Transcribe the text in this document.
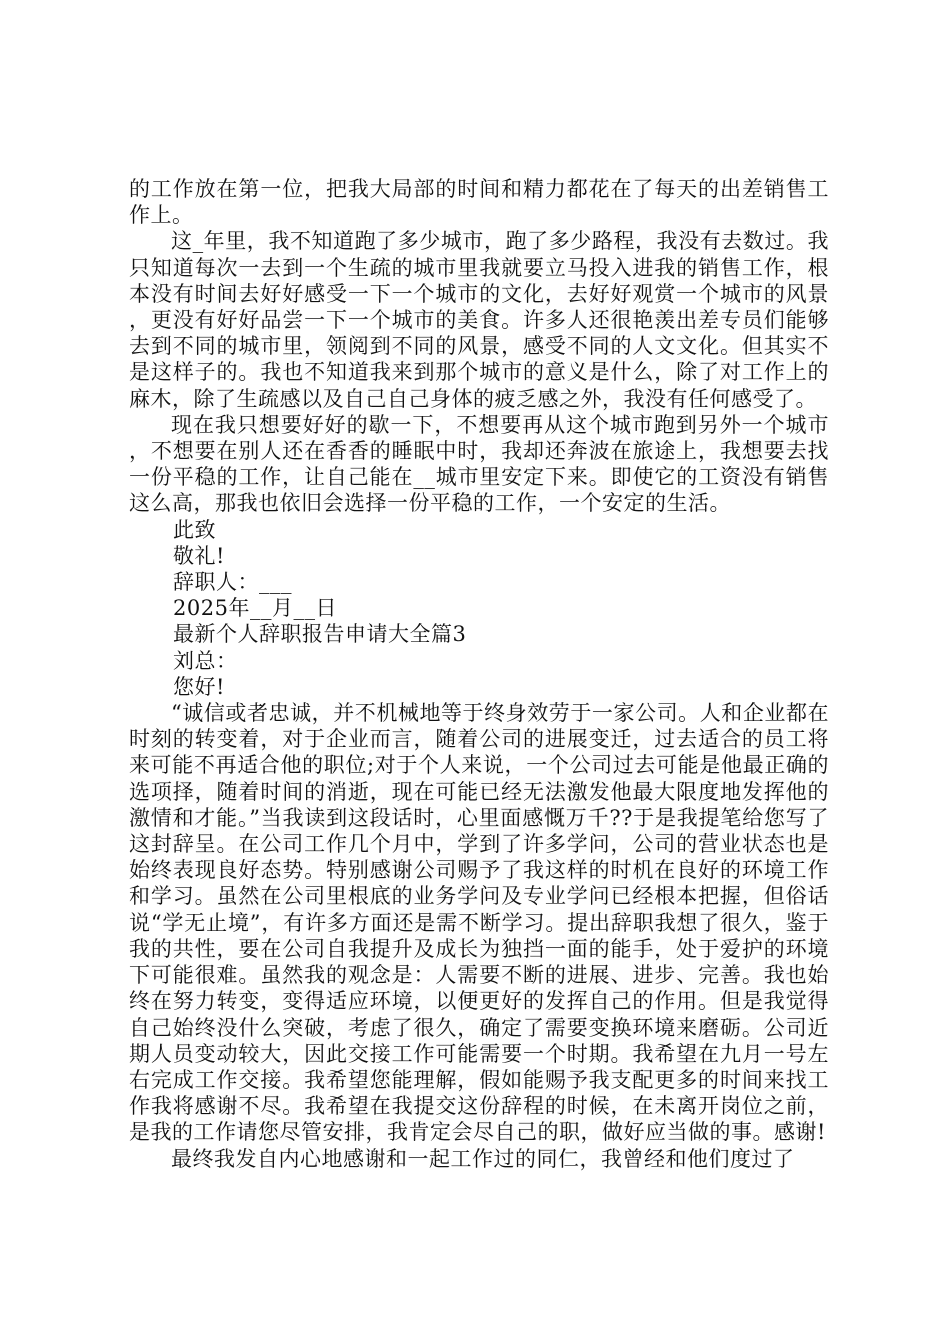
的工作放在第一位，把我大局部的时间和精力都花在了每天的出差销售工作上。

这_年里，我不知道跑了多少城市，跑了多少路程，我没有去数过。我只知道每次一去到一个生疏的城市里我就要立马投入进我的销售工作，根本没有时间去好好感受一下一个城市的文化，去好好观赏一个城市的风景，更没有好好品尝一下一个城市的美食。许多人还很艳羡出差专员们能够去到不同的城市里，领阅到不同的风景，感受不同的人文文化。但其实不是这样子的。我也不知道我来到那个城市的意义是什么，除了对工作上的麻木，除了生疏感以及自己自己身体的疲乏感之外，我没有任何感受了。

现在我只想要好好的歇一下，不想要再从这个城市跑到另外一个城市，不想要在别人还在香香的睡眠中时，我却还奔波在旅途上，我想要去找一份平稳的工作，让自己能在__城市里安定下来。即使它的工资没有销售这么高，那我也依旧会选择一份平稳的工作，一个安定的生活。

此致

敬礼!

辞职人：___

2025年__月__日

最新个人辞职报告申请大全篇3

刘总：

您好!

“诚信或者忠诚，并不机械地等于终身效劳于一家公司。人和企业都在时刻的转变着，对于企业而言，随着公司的进展变迁，过去适合的员工将来可能不再适合他的职位;对于个人来说，一个公司过去可能是他最正确的选项择，随着时间的消逝，现在可能已经无法激发他最大限度地发挥他的激情和才能。”当我读到这段话时，心里面感慨万千??于是我提笔给您写了这封辞呈。在公司工作几个月中，学到了许多学问，公司的营业状态也是始终表现良好态势。特别感谢公司赐予了我这样的时机在良好的环境工作和学习。虽然在公司里根底的业务学问及专业学问已经根本把握，但俗话说“学无止境”，有许多方面还是需不断学习。提出辞职我想了很久，鉴于我的共性，要在公司自我提升及成长为独挡一面的能手，处于爱护的环境下可能很难。虽然我的观念是：人需要不断的进展、进步、完善。我也始终在努力转变，变得适应环境，以便更好的发挥自己的作用。但是我觉得自己始终没什么突破，考虑了很久，确定了需要变换环境来磨砺。公司近期人员变动较大，因此交接工作可能需要一个时期。我希望在九月一号左右完成工作交接。我希望您能理解，假如能赐予我支配更多的时间来找工作我将感谢不尽。我希望在我提交这份辞程的时候，在未离开岗位之前，是我的工作请您尽管安排，我肯定会尽自己的职，做好应当做的事。感谢!

最终我发自内心地感谢和一起工作过的同仁，我曾经和他们度过了
